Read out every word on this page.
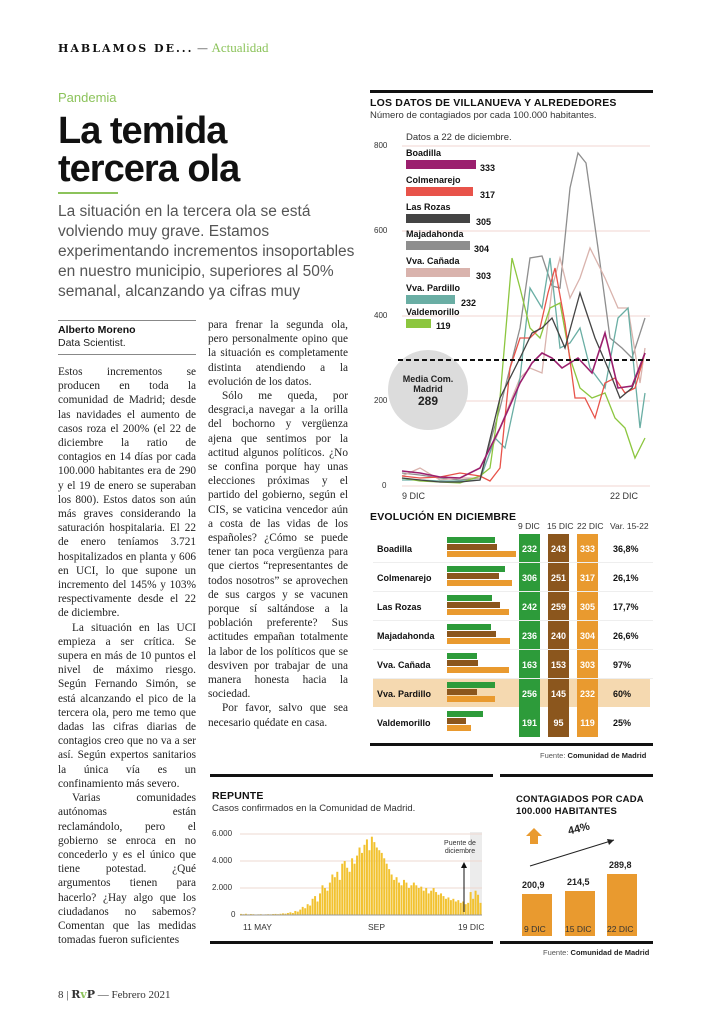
HABLAMOS DE... — Actualidad
Pandemia
La temida
tercera ola
La situación en la tercera ola se está volviendo muy grave. Estamos experimentando incrementos insoportables en nuestro municipio, superiores al 50% semanal, alcanzando ya cifras muy
Alberto Moreno
Data Scientist.

Estos incrementos se producen en toda la comunidad de Madrid; desde las navidades el aumento de casos roza el 200% (el 22 de diciembre la ratio de contagios en 14 días por cada 100.000 habitantes era de 290 y el 19 de enero se superaban los 800). Estos datos son aún más graves considerando la saturación hospitalaria. El 22 de enero teníamos 3.721 hospitalizados en planta y 606 en UCI, lo que supone un incremento del 145% y 103% respectivamente desde el 22 de diciembre.

La situación en las UCI empieza a ser crítica. Se supera en más de 10 puntos el nivel de máximo riesgo. Según Fernando Simón, se está alcanzando el pico de la tercera ola, pero me temo que dadas las cifras diarias de contagios creo que no va a ser así. Según expertos sanitarios la única vía es un confinamiento más severo.

Varias comunidades autónomas están reclamándolo, pero el gobierno se enroca en no concederlo y es el único que tiene potestad. ¿Qué argumentos tienen para hacerlo? ¿Hay algo que los ciudadanos no sabemos? Comentan que las medidas tomadas fueron suficientes

para frenar la segunda ola, pero personalmente opino que la situación es completamente distinta atendiendo a la evolución de los datos.

Sólo me queda, por desgraci,a navegar a la orilla del bochorno y vergüenza ajena que sentimos por la actitud algunos políticos. ¿No se confina porque hay unas elecciones próximas y el partido del gobierno, según el CIS, se vaticina vencedor aún a costa de las vidas de los españoles? ¿Cómo se puede tener tan poca vergüenza para que ciertos “representantes de todos nosotros” se aprovechen de sus cargos y se vacunen porque sí saltándose a la población preferente? Sus actitudes empañan totalmente la labor de los políticos que se desviven por trabajar de una manera honesta hacia la sociedad.

Por favor, salvo que sea necesario quédate en casa.

8 | RvP — Febrero 2021
LOS DATOS DE VILLANUEVA Y ALREDEDORES
Número de contagiados por cada 100.000 habitantes.
800
600
400
200
0
9 DIC	22 DIC
Datos a 22 de diciembre.
Media Com.
Madrid
289
Boadilla
333
Colmenarejo
317
Las Rozas
305
Majadahonda
304
Vva. Cañada
303
Vva. Pardillo
232
Valdemorillo
119
EVOLUCIÓN EN DICIEMBRE
9 DIC 15 DIC 22 DIC Var. 15-22
Boadilla	232	243	333	36,8%
Colmenarejo	306	251	317	26,1%
Las Rozas	242	259	305	17,7%
Majadahonda	236	240	304	26,6%
Vva. Cañada	163	153	303	97%
Vva. Pardillo	256	145	232	60%
Valdemorillo	191	95	119	25%
Fuente: Comunidad de Madrid
REPUNTE
Casos confirmados en la Comunidad de Madrid.
6.000
4.000
2.000
0
11 MAY	SEP	19 DIC
Puente de diciembre
CONTAGIADOS POR CADA
100.000 HABITANTES
44%
200,9 214,5
289,8
9 DIC 15 DIC 22 DIC
Fuente: Comunidad de Madrid
